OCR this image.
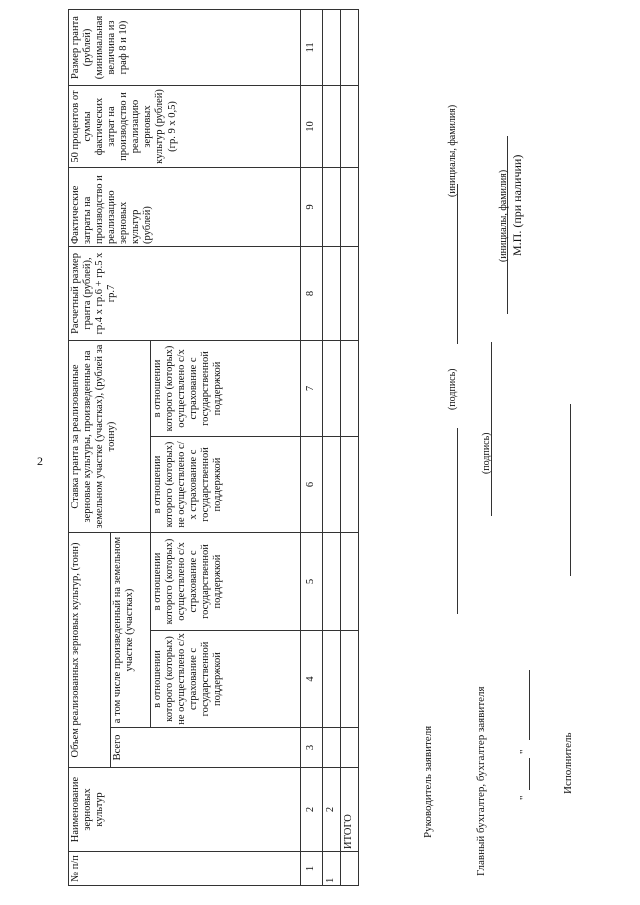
2
№ п/п	Наименование зерновых культур	Объем реализованных зерновых культур, (тонн)			Ставка гранта за реализованные зерновые культуры, произведенные на земельном участке (участках), (рублей за тонну)		Расчетный размер гранта (рублей), гр.4 х гр.6 + гр.5 х гр.7	Фактические затраты на производство и реализацию зерновых культур (рублей)	50 процентов от суммы фактических затрат на производство и реализацию зерновых культур (рублей) (гр. 9 х 0,5)	Размер гранта (рублей) (минимальная величина из граф 8 и 10)
		Всего	а том числе произведенный на земельном участке (участках)							
			в отношении которого (которых) не осуществлено с/х страхование с государственной поддержкой	в отношении которого (которых) осуществлено с/х страхование с государственной поддержкой	в отношении которого (которых) не осуществлено с/х страхование с государственной поддержкой	в отношении которого (которых) осуществлено с/х страхование с государственной поддержкой				
1	2	3	4	5	6	7	8	9	10	11
1	2									
	ИТОГО										Руководитель заявителя
(подпись)
(инициалы, фамилия)
Главный бухгалтер, бухгалтер заявителя
(подпись)
(инициалы, фамилия)
"
"
М.П. (при наличии)
Исполнитель
